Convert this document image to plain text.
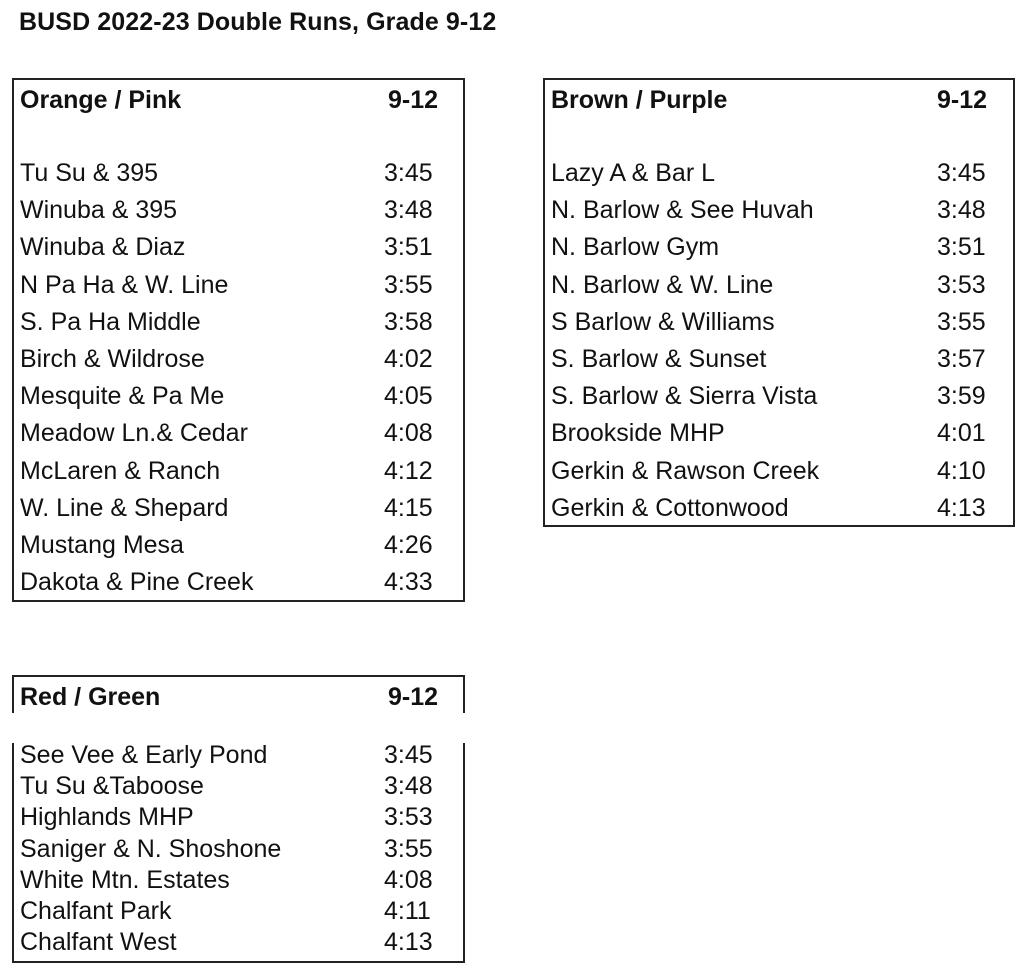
BUSD 2022-23 Double Runs, Grade 9-12
Orange / Pink	9-12
Tu Su & 395	3:45
Winuba & 395	3:48
Winuba & Diaz	3:51
N Pa Ha & W. Line	3:55
S. Pa Ha Middle	3:58
Birch & Wildrose	4:02
Mesquite & Pa Me	4:05
Meadow Ln.& Cedar	4:08
McLaren & Ranch	4:12
W. Line & Shepard	4:15
Mustang Mesa	4:26
Dakota & Pine Creek	4:33
Brown / Purple	9-12
Lazy A & Bar L	3:45
N. Barlow & See Huvah	3:48
N. Barlow Gym	3:51
N. Barlow & W. Line	3:53
S Barlow & Williams	3:55
S. Barlow & Sunset	3:57
S. Barlow & Sierra Vista	3:59
Brookside MHP	4:01
Gerkin & Rawson Creek	4:10
Gerkin & Cottonwood	4:13
Red / Green	9-12
See Vee & Early Pond	3:45
Tu Su &Taboose	3:48
Highlands MHP	3:53
Saniger & N. Shoshone	3:55
White Mtn. Estates	4:08
Chalfant Park	4:11
Chalfant West	4:13
